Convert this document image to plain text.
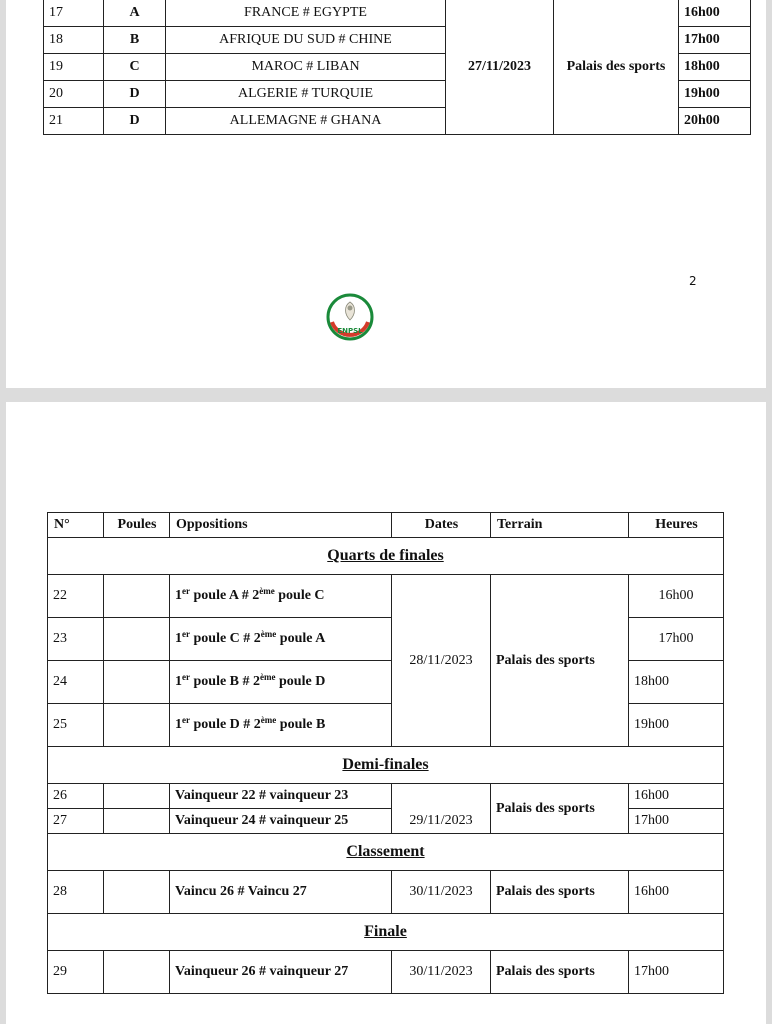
17	A	FRANCE # EGYPTE	27/11/2023	Palais des sports	16h00
18	B	AFRIQUE DU SUD # CHINE			17h00
19	C	MAROC # LIBAN			18h00
20	D	ALGERIE # TURQUIE			19h00
21	D	ALLEMAGNE # GHANA			20h00
2
ENPSL
N°	Poules	Oppositions	Dates	Terrain	Heures
Quarts de finales					
22		1er poule A # 2ème poule C	28/11/2023	Palais des sports	16h00
23		1er poule C # 2ème poule A			17h00
24		1er poule B # 2ème poule D			18h00
25		1er poule D # 2ème poule B			19h00
Demi-finales					
26		Vainqueur 22 # vainqueur 23	29/11/2023	Palais des sports	16h00
27		Vainqueur 24 # vainqueur 25			17h00
Classement					
28		Vaincu 26 # Vaincu 27	30/11/2023	Palais des sports	16h00
Finale					
29		Vainqueur 26 # vainqueur 27	30/11/2023	Palais des sports	17h00
